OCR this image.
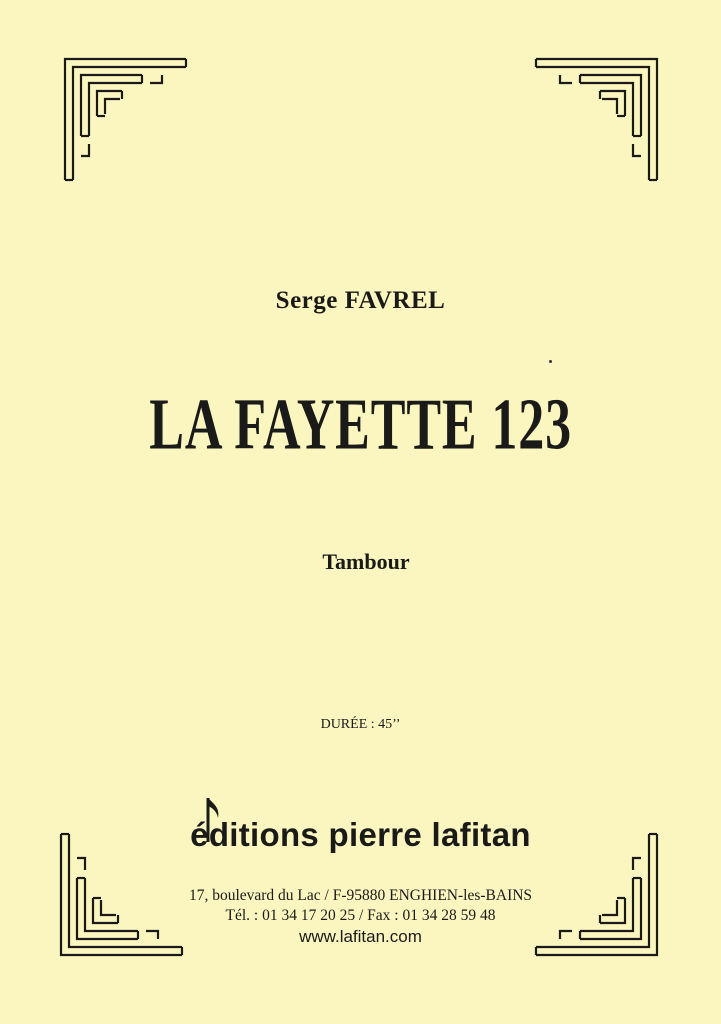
Serge FAVREL
LA FAYETTE 123
Tambour
DURÉE : 45’’
éditions pierre lafitan
17, boulevard du Lac / F-95880 ENGHIEN-les-BAINS
Tél. : 01 34 17 20 25 / Fax : 01 34 28 59 48
www.lafitan.com
